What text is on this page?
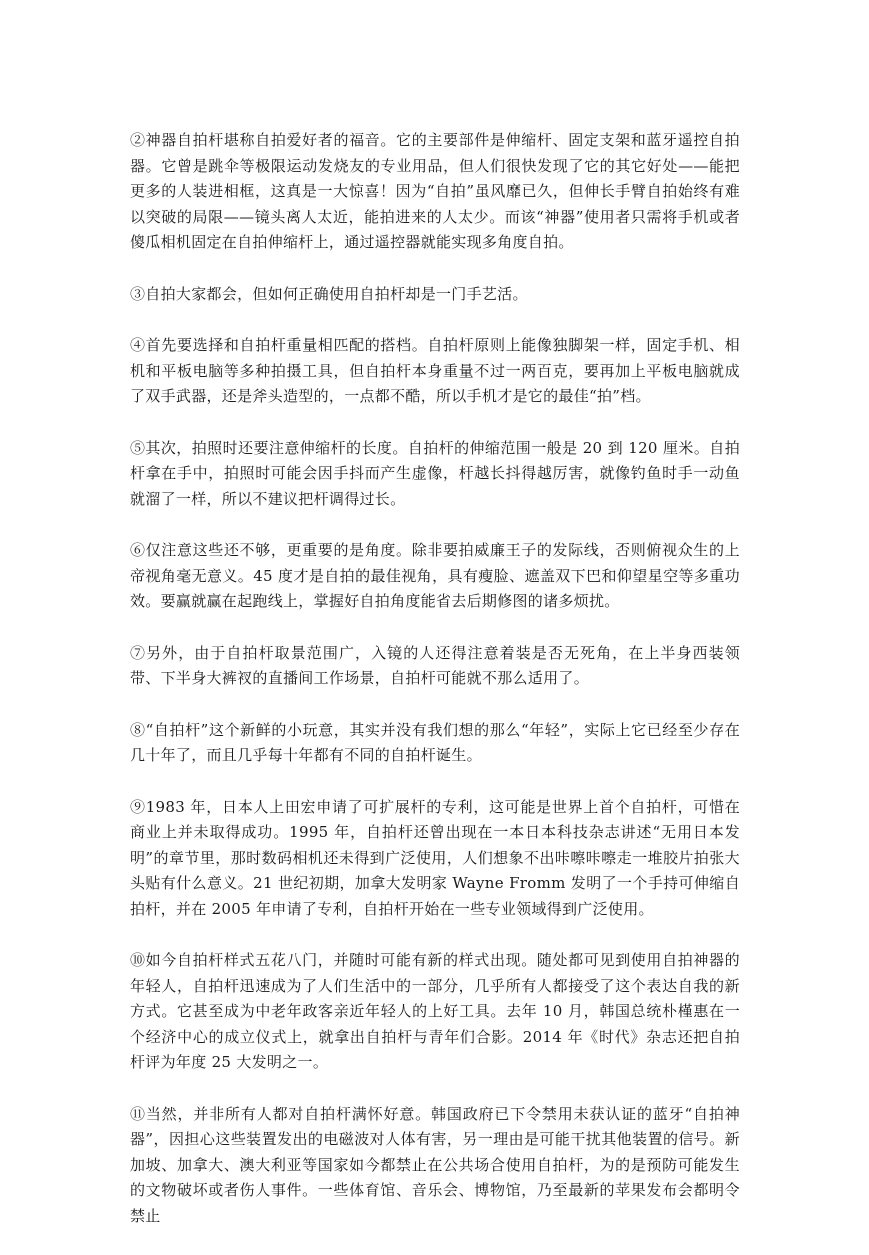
②神器自拍杆堪称自拍爱好者的福音。它的主要部件是伸缩杆、固定支架和蓝牙遥控自拍器。它曾是跳伞等极限运动发烧友的专业用品，但人们很快发现了它的其它好处——能把更多的人装进相框，这真是一大惊喜！因为“自拍”虽风靡已久，但伸长手臂自拍始终有难以突破的局限——镜头离人太近，能拍进来的人太少。而该“神器”使用者只需将手机或者傻瓜相机固定在自拍伸缩杆上，通过遥控器就能实现多角度自拍。

③自拍大家都会，但如何正确使用自拍杆却是一门手艺活。

④首先要选择和自拍杆重量相匹配的搭档。自拍杆原则上能像独脚架一样，固定手机、相机和平板电脑等多种拍摄工具，但自拍杆本身重量不过一两百克，要再加上平板电脑就成了双手武器，还是斧头造型的，一点都不酷，所以手机才是它的最佳“拍”档。

⑤其次，拍照时还要注意伸缩杆的长度。自拍杆的伸缩范围一般是 20 到 120 厘米。自拍杆拿在手中，拍照时可能会因手抖而产生虚像，杆越长抖得越厉害，就像钓鱼时手一动鱼就溜了一样，所以不建议把杆调得过长。

⑥仅注意这些还不够，更重要的是角度。除非要拍威廉王子的发际线，否则俯视众生的上帝视角毫无意义。45 度才是自拍的最佳视角，具有瘦脸、遮盖双下巴和仰望星空等多重功效。要赢就赢在起跑线上，掌握好自拍角度能省去后期修图的诸多烦扰。

⑦另外，由于自拍杆取景范围广，入镜的人还得注意着装是否无死角，在上半身西装领带、下半身大裤衩的直播间工作场景，自拍杆可能就不那么适用了。

⑧“自拍杆”这个新鲜的小玩意，其实并没有我们想的那么“年轻”，实际上它已经至少存在几十年了，而且几乎每十年都有不同的自拍杆诞生。

⑨1983 年，日本人上田宏申请了可扩展杆的专利，这可能是世界上首个自拍杆，可惜在商业上并未取得成功。1995 年，自拍杆还曾出现在一本日本科技杂志讲述“无用日本发明”的章节里，那时数码相机还未得到广泛使用，人们想象不出咔嚓咔嚓走一堆胶片拍张大头贴有什么意义。21 世纪初期，加拿大发明家 Wayne Fromm 发明了一个手持可伸缩自拍杆，并在 2005 年申请了专利，自拍杆开始在一些专业领域得到广泛使用。

⑩如今自拍杆样式五花八门，并随时可能有新的样式出现。随处都可见到使用自拍神器的年轻人，自拍杆迅速成为了人们生活中的一部分，几乎所有人都接受了这个表达自我的新方式。它甚至成为中老年政客亲近年轻人的上好工具。去年 10 月，韩国总统朴槿惠在一个经济中心的成立仪式上，就拿出自拍杆与青年们合影。2014 年《时代》杂志还把自拍杆评为年度 25 大发明之一。

⑪当然，并非所有人都对自拍杆满怀好意。韩国政府已下令禁用未获认证的蓝牙“自拍神器”，因担心这些装置发出的电磁波对人体有害，另一理由是可能干扰其他装置的信号。新加坡、加拿大、澳大利亚等国家如今都禁止在公共场合使用自拍杆，为的是预防可能发生的文物破坏或者伤人事件。一些体育馆、音乐会、博物馆，乃至最新的苹果发布会都明令禁止
